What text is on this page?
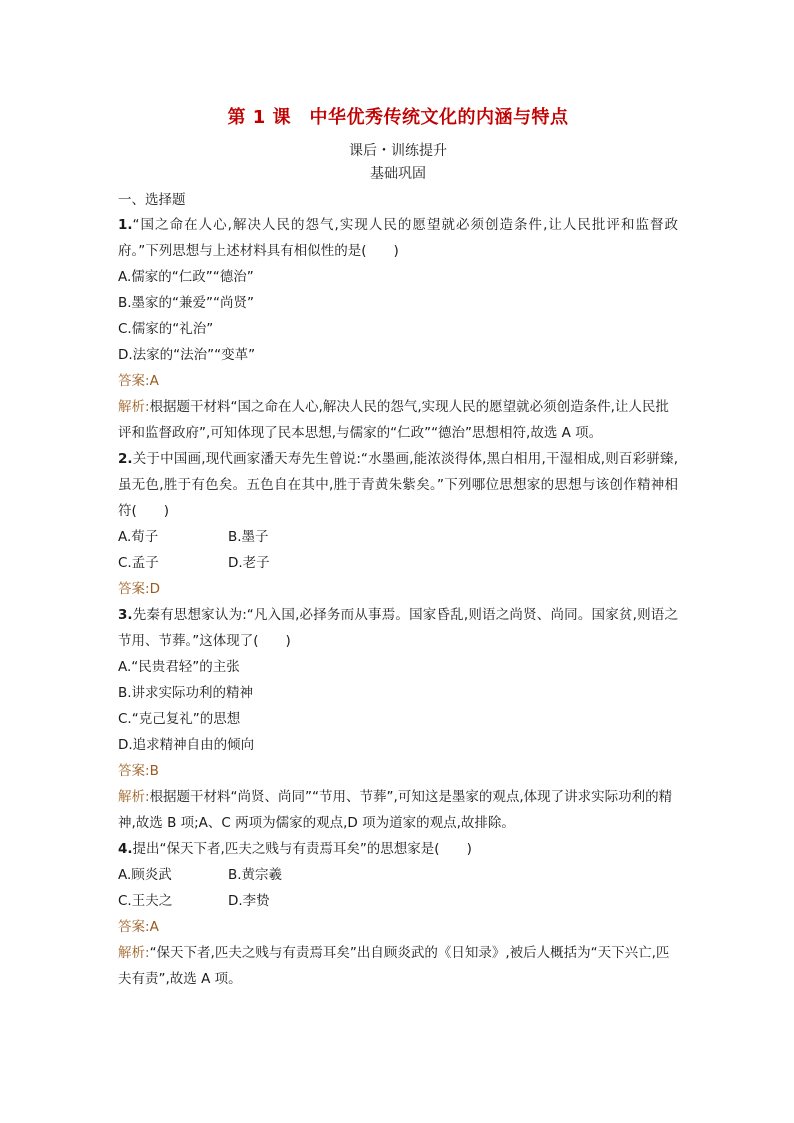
第 1 课　中华优秀传统文化的内涵与特点
课后・训练提升
基础巩固
一、选择题
1.“国之命在人心,解决人民的怨气,实现人民的愿望就必须创造条件,让人民批评和监督政府。”下列思想与上述材料具有相似性的是(　　)
A.儒家的“仁政”“德治”
B.墨家的“兼爱”“尚贤”
C.儒家的“礼治”
D.法家的“法治”“变革”
答案:A
解析:根据题干材料“国之命在人心,解决人民的怨气,实现人民的愿望就必须创造条件,让人民批评和监督政府”,可知体现了民本思想,与儒家的“仁政”“德治”思想相符,故选 A 项。
2.关于中国画,现代画家潘天寿先生曾说:“水墨画,能浓淡得体,黑白相用,干湿相成,则百彩骈臻,虽无色,胜于有色矣。五色自在其中,胜于青黄朱紫矣。”下列哪位思想家的思想与该创作精神相符(　　)
A.荀子	B.墨子
C.孟子	D.老子
答案:D
3.先秦有思想家认为:“凡入国,必择务而从事焉。国家昏乱,则语之尚贤、尚同。国家贫,则语之节用、节葬。”这体现了(　　)
A.“民贵君轻”的主张
B.讲求实际功利的精神
C.“克己复礼”的思想
D.追求精神自由的倾向
答案:B
解析:根据题干材料“尚贤、尚同”“节用、节葬”,可知这是墨家的观点,体现了讲求实际功利的精神,故选 B 项;A、C 两项为儒家的观点,D 项为道家的观点,故排除。
4.提出“保天下者,匹夫之贱与有责焉耳矣”的思想家是(　　)
A.顾炎武	B.黄宗羲
C.王夫之	D.李贽
答案:A
解析:“保天下者,匹夫之贱与有责焉耳矣”出自顾炎武的《日知录》,被后人概括为“天下兴亡,匹夫有责”,故选 A 项。
